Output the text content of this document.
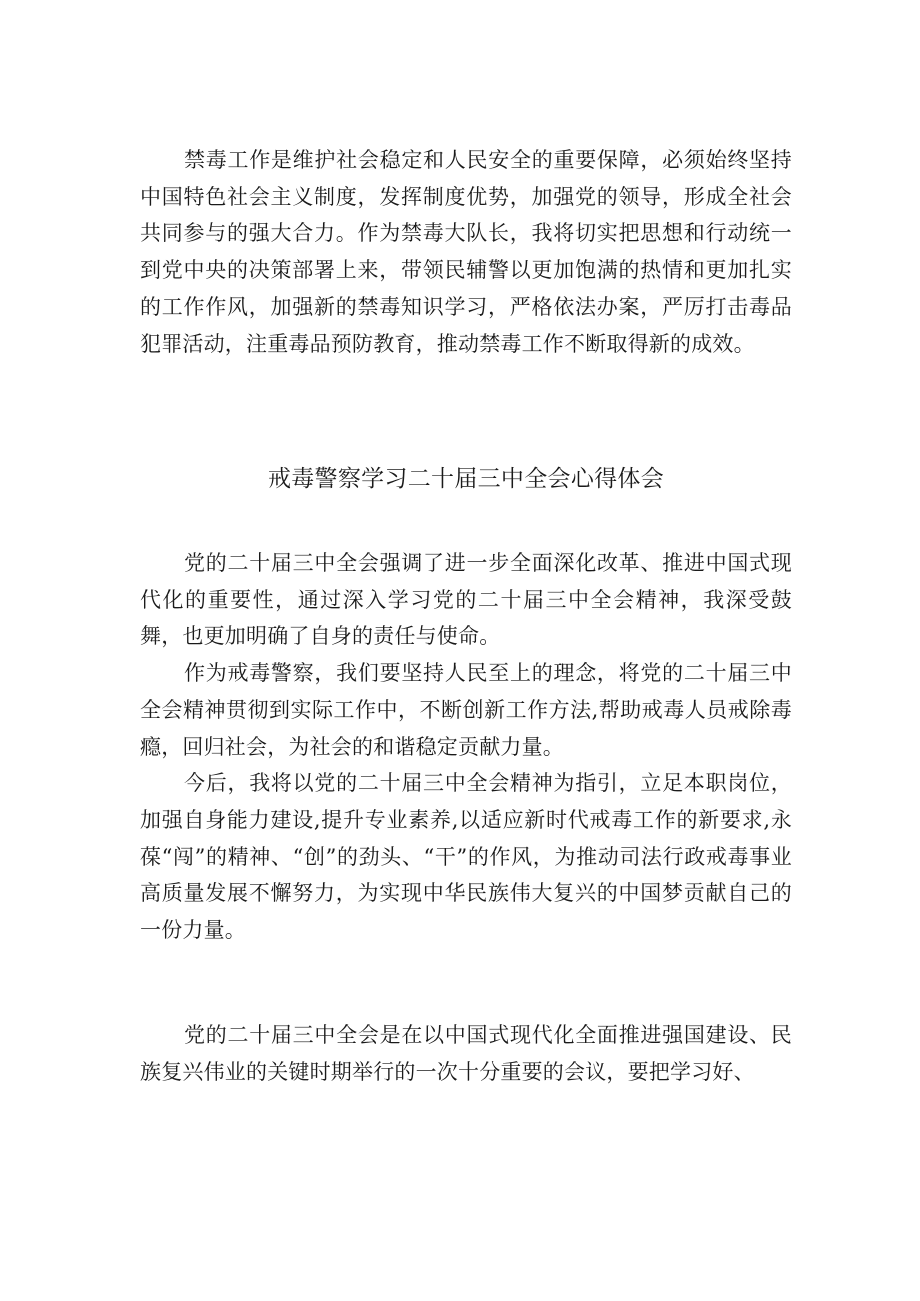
禁毒工作是维护社会稳定和人民安全的重要保障，必须始终坚持中国特色社会主义制度，发挥制度优势，加强党的领导，形成全社会共同参与的强大合力。作为禁毒大队长，我将切实把思想和行动统一到党中央的决策部署上来，带领民辅警以更加饱满的热情和更加扎实的工作作风，加强新的禁毒知识学习，严格依法办案，严厉打击毒品犯罪活动，注重毒品预防教育，推动禁毒工作不断取得新的成效。

戒毒警察学习二十届三中全会心得体会

党的二十届三中全会强调了进一步全面深化改革、推进中国式现代化的重要性，通过深入学习党的二十届三中全会精神，我深受鼓舞，也更加明确了自身的责任与使命。

作为戒毒警察，我们要坚持人民至上的理念，将党的二十届三中全会精神贯彻到实际工作中，不断创新工作方法,帮助戒毒人员戒除毒瘾，回归社会，为社会的和谐稳定贡献力量。

今后，我将以党的二十届三中全会精神为指引，立足本职岗位，加强自身能力建设,提升专业素养,以适应新时代戒毒工作的新要求,永葆“闯”的精神、“创”的劲头、“干”的作风，为推动司法行政戒毒事业高质量发展不懈努力，为实现中华民族伟大复兴的中国梦贡献自己的一份力量。

党的二十届三中全会是在以中国式现代化全面推进强国建设、民族复兴伟业的关键时期举行的一次十分重要的会议，要把学习好、
